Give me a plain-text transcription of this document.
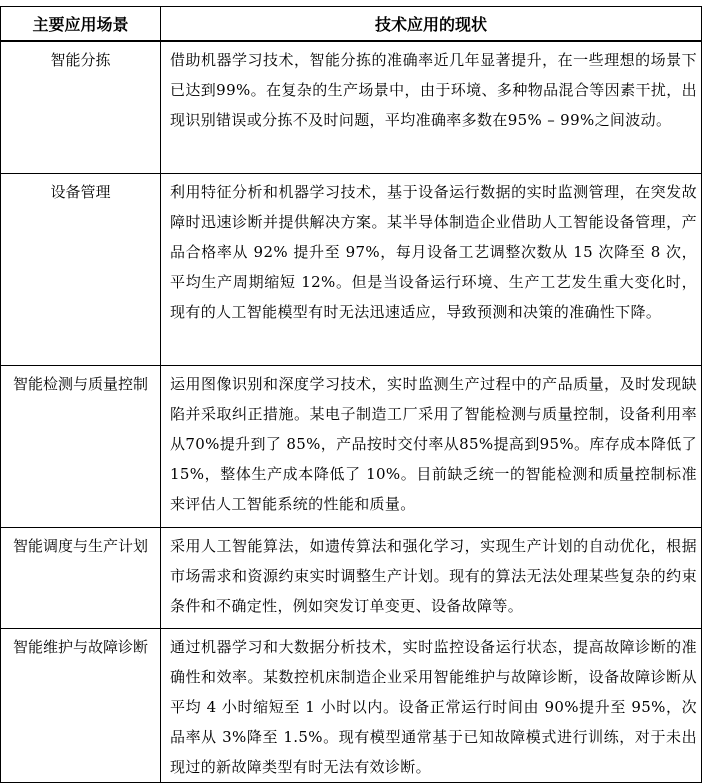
主要应用场景	技术应用的现状
智能分拣	借助机器学习技术，智能分拣的准确率近几年显著提升，在一些理想的场景下已达到99%。在复杂的生产场景中，由于环境、多种物品混合等因素干扰，出现识别错误或分拣不及时问题，平均准确率多数在95% – 99%之间波动。
设备管理	利用特征分析和机器学习技术，基于设备运行数据的实时监测管理，在突发故障时迅速诊断并提供解决方案。某半导体制造企业借助人工智能设备管理，产品合格率从 92% 提升至 97%，每月设备工艺调整次数从 15 次降至 8 次，平均生产周期缩短 12%。但是当设备运行环境、生产工艺发生重大变化时，现有的人工智能模型有时无法迅速适应，导致预测和决策的准确性下降。
智能检测与质量控制	运用图像识别和深度学习技术，实时监测生产过程中的产品质量，及时发现缺陷并采取纠正措施。某电子制造工厂采用了智能检测与质量控制，设备利用率从70%提升到了 85%，产品按时交付率从85%提高到95%。库存成本降低了 15%，整体生产成本降低了 10%。目前缺乏统一的智能检测和质量控制标准来评估人工智能系统的性能和质量。
智能调度与生产计划	采用人工智能算法，如遗传算法和强化学习，实现生产计划的自动优化，根据市场需求和资源约束实时调整生产计划。现有的算法无法处理某些复杂的约束条件和不确定性，例如突发订单变更、设备故障等。
智能维护与故障诊断	通过机器学习和大数据分析技术，实时监控设备运行状态，提高故障诊断的准确性和效率。某数控机床制造企业采用智能维护与故障诊断，设备故障诊断从平均 4 小时缩短至 1 小时以内。设备正常运行时间由 90%提升至 95%，次品率从 3%降至 1.5%。现有模型通常基于已知故障模式进行训练，对于未出现过的新故障类型有时无法有效诊断。
